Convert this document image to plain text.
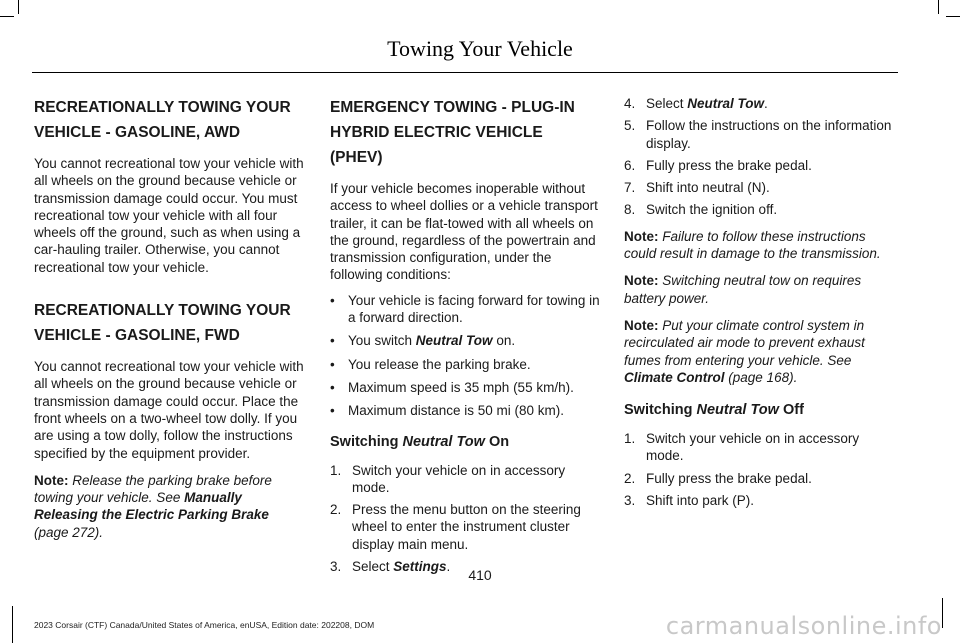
Towing Your Vehicle
RECREATIONALLY TOWING YOUR
VEHICLE - GASOLINE, AWD

You cannot recreational tow your vehicle with all wheels on the ground because vehicle or transmission damage could occur. You must recreational tow your vehicle with all four wheels off the ground, such as when using a car-hauling trailer. Otherwise, you cannot recreational tow your vehicle.

RECREATIONALLY TOWING YOUR
VEHICLE - GASOLINE, FWD

You cannot recreational tow your vehicle with all wheels on the ground because vehicle or transmission damage could occur. Place the front wheels on a two-wheel tow dolly. If you are using a tow dolly, follow the instructions specified by the equipment provider.

Note: Release the parking brake before towing your vehicle. See Manually Releasing the Electric Parking Brake (page 272).

EMERGENCY TOWING - PLUG-IN
HYBRID ELECTRIC VEHICLE
(PHEV)

If your vehicle becomes inoperable without access to wheel dollies or a vehicle transport trailer, it can be flat-towed with all wheels on the ground, regardless of the powertrain and transmission configuration, under the following conditions:

• Your vehicle is facing forward for towing in a forward direction.
• You switch Neutral Tow on.
• You release the parking brake.
• Maximum speed is 35 mph (55 km/h).
• Maximum distance is 50 mi (80 km).

Switching Neutral Tow On

1. Switch your vehicle on in accessory mode.
2. Press the menu button on the steering wheel to enter the instrument cluster display main menu.
3. Select Settings.
4. Select Neutral Tow.
5. Follow the instructions on the information display.
6. Fully press the brake pedal.
7. Shift into neutral (N).
8. Switch the ignition off.

Note: Failure to follow these instructions could result in damage to the transmission.

Note: Switching neutral tow on requires battery power.

Note: Put your climate control system in recirculated air mode to prevent exhaust fumes from entering your vehicle. See Climate Control (page 168).

Switching Neutral Tow Off

1. Switch your vehicle on in accessory mode.
2. Fully press the brake pedal.
3. Shift into park (P).
410
2023 Corsair (CTF) Canada/United States of America, enUSA, Edition date: 202208, DOM	carmanualsonline.info
